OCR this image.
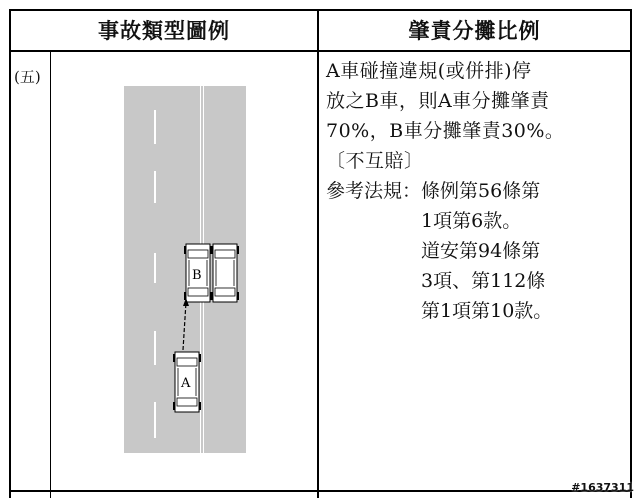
事故類型圖例	肇責分攤比例
(五)
B
A

A車碰撞違規(或併排)停

放之B車，則A車分攤肇責

70%，B車分攤肇責30%。

〔不互賠〕

參考法規： 條例第56條第
1項第6款。
道安第94條第
3項、第112條
第1項第10款。
#1637311
